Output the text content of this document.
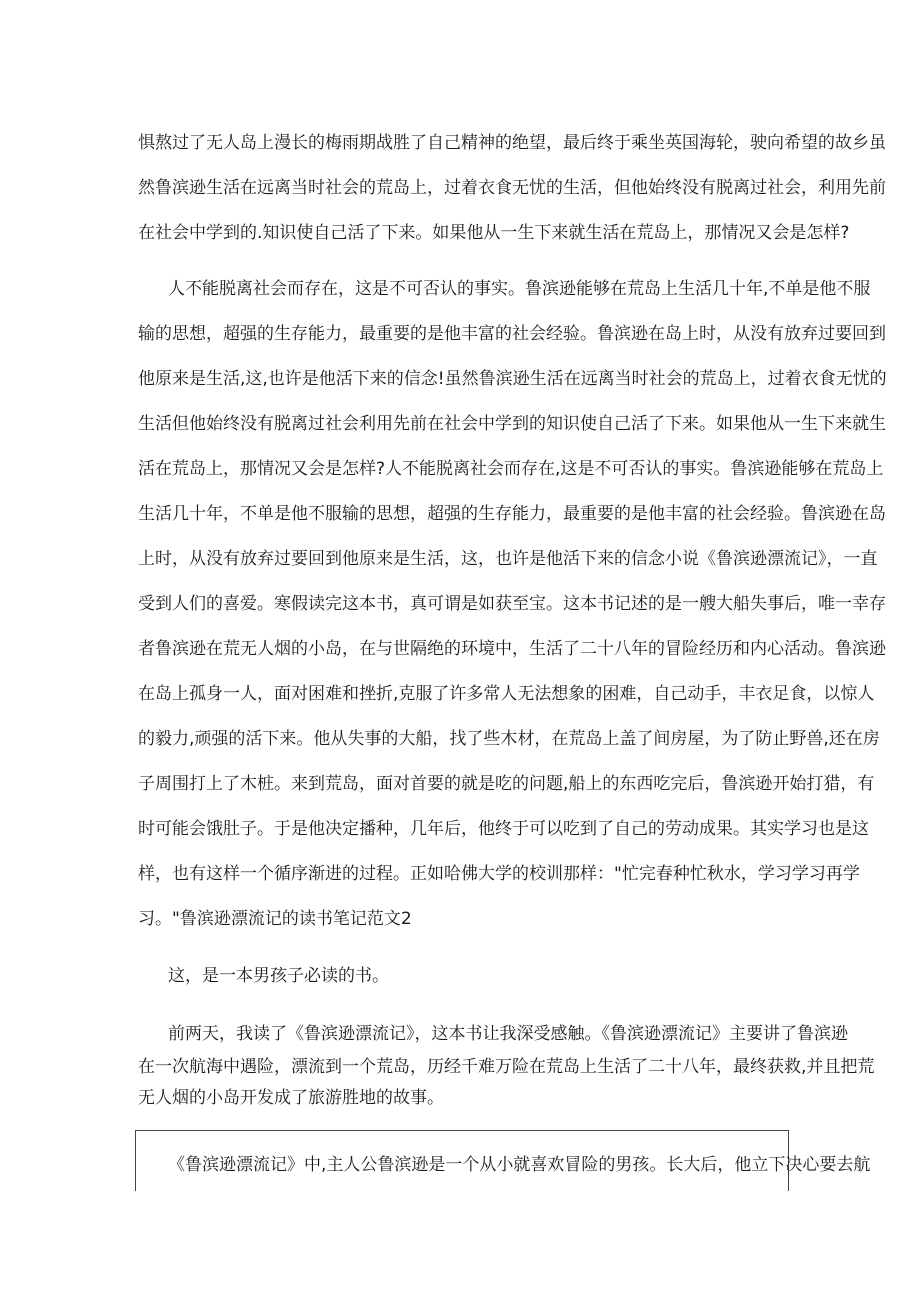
惧熬过了无人岛上漫长的梅雨期战胜了自己精神的绝望，最后终于乘坐英国海轮，驶向希望的故乡虽
然鲁滨逊生活在远离当时社会的荒岛上，过着衣食无忧的生活，但他始终没有脱离过社会，利用先前
在社会中学到的.知识使自己活了下来。如果他从一生下来就生活在荒岛上，那情况又会是怎样?
人不能脱离社会而存在，这是不可否认的事实。鲁滨逊能够在荒岛上生活几十年,不单是他不服
输的思想，超强的生存能力，最重要的是他丰富的社会经验。鲁滨逊在岛上时，从没有放弃过要回到
他原来是生活,这,也许是他活下来的信念!虽然鲁滨逊生活在远离当时社会的荒岛上，过着衣食无忧的
生活但他始终没有脱离过社会利用先前在社会中学到的知识使自己活了下来。如果他从一生下来就生
活在荒岛上，那情况又会是怎样?人不能脱离社会而存在,这是不可否认的事实。鲁滨逊能够在荒岛上
生活几十年，不单是他不服输的思想，超强的生存能力，最重要的是他丰富的社会经验。鲁滨逊在岛
上时，从没有放弃过要回到他原来是生活，这，也许是他活下来的信念小说《鲁滨逊漂流记》，一直
受到人们的喜爱。寒假读完这本书，真可谓是如获至宝。这本书记述的是一艘大船失事后，唯一幸存
者鲁滨逊在荒无人烟的小岛，在与世隔绝的环境中，生活了二十八年的冒险经历和内心活动。鲁滨逊
在岛上孤身一人，面对困难和挫折,克服了许多常人无法想象的困难，自己动手，丰衣足食，以惊人
的毅力,顽强的活下来。他从失事的大船，找了些木材，在荒岛上盖了间房屋，为了防止野兽,还在房
子周围打上了木桩。来到荒岛，面对首要的就是吃的问题,船上的东西吃完后，鲁滨逊开始打猎，有
时可能会饿肚子。于是他决定播种，几年后，他终于可以吃到了自己的劳动成果。其实学习也是这
样，也有这样一个循序渐进的过程。正如哈佛大学的校训那样："忙完春种忙秋水，学习学习再学
习。"鲁滨逊漂流记的读书笔记范文2
这，是一本男孩子必读的书。
前两天，我读了《鲁滨逊漂流记》，这本书让我深受感触。《鲁滨逊漂流记》主要讲了鲁滨逊
在一次航海中遇险，漂流到一个荒岛，历经千难万险在荒岛上生活了二十八年，最终获救,并且把荒
无人烟的小岛开发成了旅游胜地的故事。
《鲁滨逊漂流记》中,主人公鲁滨逊是一个从小就喜欢冒险的男孩。长大后，他立下决心要去航
